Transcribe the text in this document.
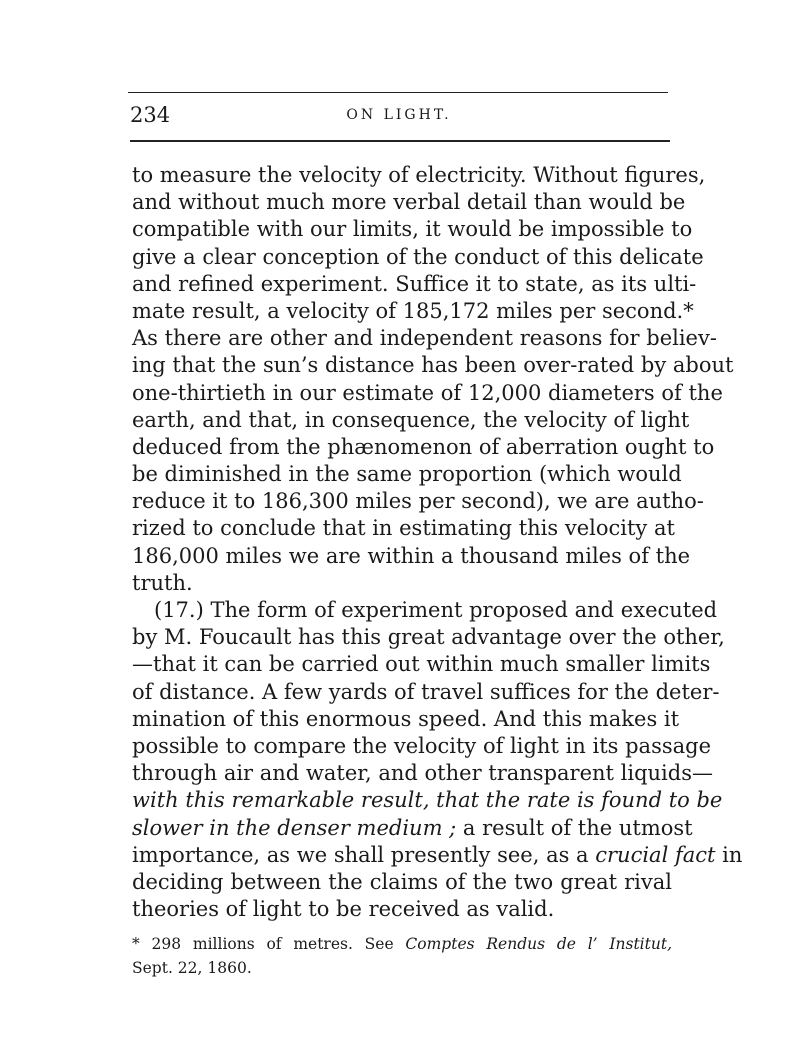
234	ON LIGHT.
to measure the velocity of electricity. Without figures,
and without much more verbal detail than would be
compatible with our limits, it would be impossible to
give a clear conception of the conduct of this delicate
and refined experiment. Suffice it to state, as its ulti-
mate result, a velocity of 185,172 miles per second.*
As there are other and independent reasons for believ-
ing that the sun’s distance has been over-rated by about
one-thirtieth in our estimate of 12,000 diameters of the
earth, and that, in consequence, the velocity of light
deduced from the phænomenon of aberration ought to
be diminished in the same proportion (which would
reduce it to 186,300 miles per second), we are autho-
rized to conclude that in estimating this velocity at
186,000 miles we are within a thousand miles of the
truth.
(17.) The form of experiment proposed and executed
by M. Foucault has this great advantage over the other,
—that it can be carried out within much smaller limits
of distance. A few yards of travel suffices for the deter-
mination of this enormous speed. And this makes it
possible to compare the velocity of light in its passage
through air and water, and other transparent liquids—
with this remarkable result, that the rate is found to be
slower in the denser medium ; a result of the utmost
importance, as we shall presently see, as a crucial fact in
deciding between the claims of the two great rival
theories of light to be received as valid.
* 298 millions of metres. See Comptes Rendus de l’ Institut,
Sept. 22, 1860.
